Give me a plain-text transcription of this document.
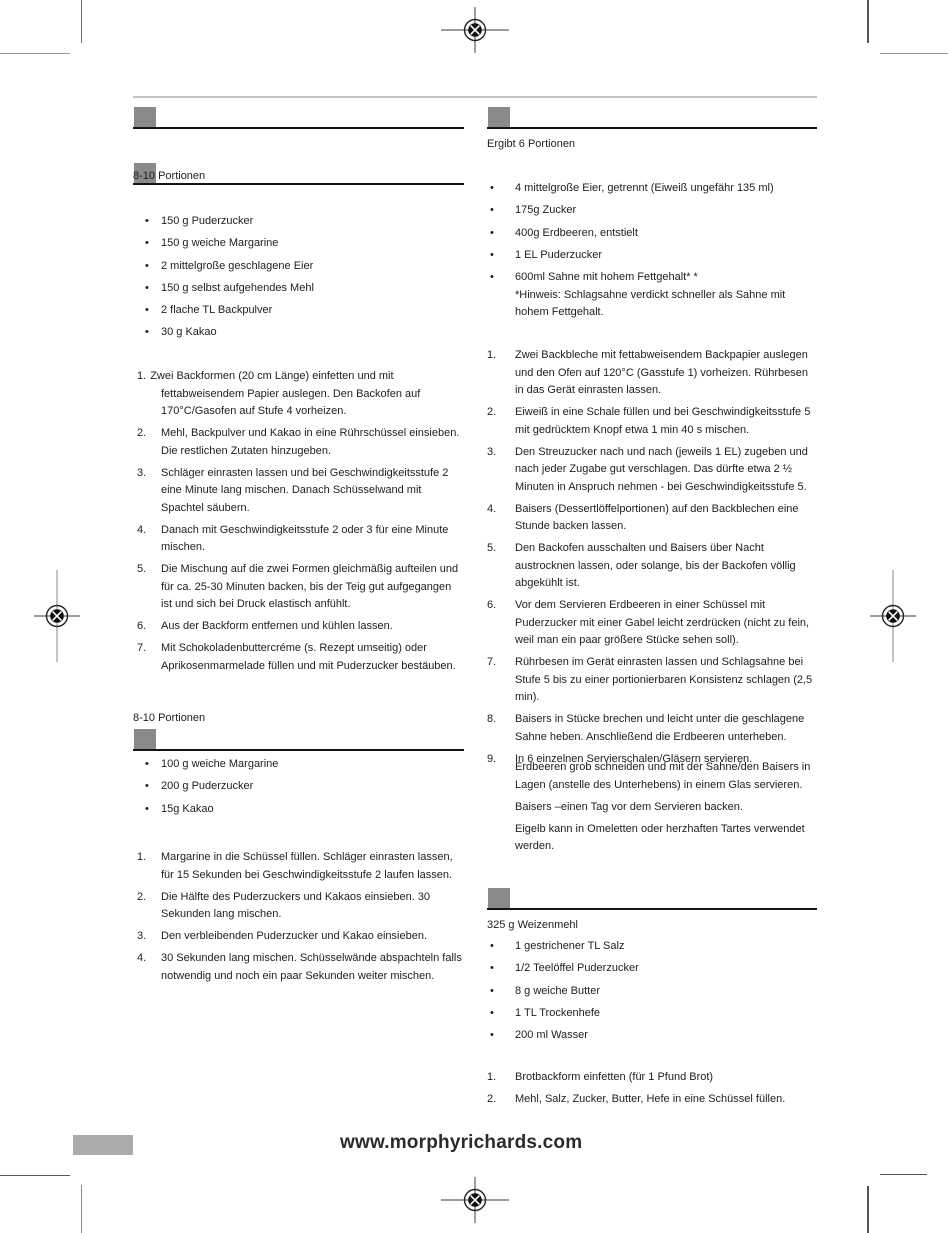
8-10 Portionen
•	150 g Puderzucker
•	150 g weiche Margarine
•	2 mittelgroße geschlagene Eier
•	150 g selbst aufgehendes Mehl
•	2 flache TL Backpulver
•	30 g Kakao
1. Zwei Backformen (20 cm Länge) einfetten und mit fettabweisendem Papier auslegen. Den Backofen auf 170°C/Gasofen auf Stufe 4 vorheizen.
2.	Mehl, Backpulver und Kakao in eine Rührschüssel einsieben. Die restlichen Zutaten hinzugeben.
3.	Schläger einrasten lassen und bei Geschwindigkeitsstufe 2 eine Minute lang mischen. Danach Schüsselwand mit Spachtel säubern.
4.	Danach mit Geschwindigkeitsstufe 2 oder 3 für eine Minute mischen.
5.	Die Mischung auf die zwei Formen gleichmäßig aufteilen und für ca. 25-30 Minuten backen, bis der Teig gut aufgegangen ist und sich bei Druck elastisch anfühlt.
6.	Aus der Backform entfernen und kühlen lassen.
7.	Mit Schokoladenbuttercréme (s. Rezept umseitig) oder Aprikosenmarmelade füllen und mit Puderzucker bestäuben.
8-10 Portionen
•	100 g weiche Margarine
•	200 g Puderzucker
•	15g Kakao
1.	Margarine in die Schüssel füllen. Schläger einrasten lassen, für 15 Sekunden bei Geschwindigkeitsstufe 2 laufen lassen.
2.	Die Hälfte des Puderzuckers und Kakaos einsieben. 30 Sekunden lang mischen.
3.	Den verbleibenden Puderzucker und Kakao einsieben.
4.	30 Sekunden lang mischen. Schüsselwände abspachteln falls notwendig und noch ein paar Sekunden weiter mischen.
Ergibt 6 Portionen
•	4 mittelgroße Eier, getrennt (Eiweiß ungefähr 135 ml)
•	175g Zucker
•	400g Erdbeeren, entstielt
•	1 EL Puderzucker
•	600ml Sahne mit hohem Fettgehalt* *
*Hinweis: Schlagsahne verdickt schneller als Sahne mit hohem Fettgehalt.
1.	Zwei Backbleche mit fettabweisendem Backpapier auslegen und den Ofen auf 120°C (Gasstufe 1) vorheizen. Rührbesen in das Gerät einrasten lassen.
2.	Eiweiß in eine Schale füllen und bei Geschwindigkeitsstufe 5 mit gedrücktem Knopf etwa 1 min 40 s mischen.
3.	Den Streuzucker nach und nach (jeweils 1 EL) zugeben und nach jeder Zugabe gut verschlagen. Das dürfte etwa 2 ½ Minuten in Anspruch nehmen - bei Geschwindigkeitsstufe 5.
4.	Baisers (Dessertlöffelportionen) auf den Backblechen eine Stunde backen lassen.
5.	Den Backofen ausschalten und Baisers über Nacht austrocknen lassen, oder solange, bis der Backofen völlig abgekühlt ist.
6.	Vor dem Servieren Erdbeeren in einer Schüssel mit Puderzucker mit einer Gabel leicht zerdrücken (nicht zu fein, weil man ein paar größere Stücke sehen soll).
7.	Rührbesen im Gerät einrasten lassen und Schlagsahne bei Stufe 5 bis zu einer portionierbaren Konsistenz schlagen (2,5 min).
8.	Baisers in Stücke brechen und leicht unter die geschlagene Sahne heben. Anschließend die Erdbeeren unterheben.
9.	In 6 einzelnen Servierschalen/Gläsern servieren.

Erdbeeren grob schneiden und mit der Sahne/den Baisers in Lagen (anstelle des Unterhebens) in einem Glas servieren.

Baisers –einen Tag vor dem Servieren backen.

Eigelb kann in Omeletten oder herzhaften Tartes verwendet werden.

325 g Weizenmehl
•	1 gestrichener TL Salz
•	1/2 Teelöffel Puderzucker
•	8 g weiche Butter
•	1 TL Trockenhefe
•	200 ml Wasser
1.	Brotbackform einfetten (für 1 Pfund Brot)
2.	Mehl, Salz, Zucker, Butter, Hefe in eine Schüssel füllen.
www.morphyrichards.com
